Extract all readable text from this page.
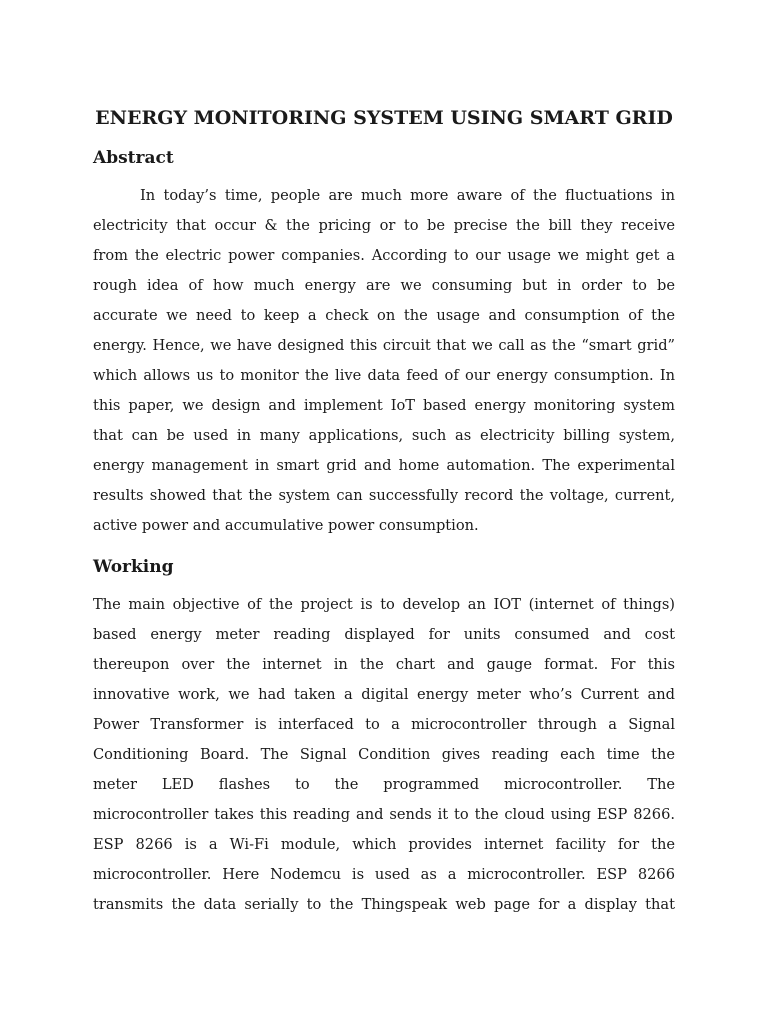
ENERGY MONITORING SYSTEM USING SMART GRID
Abstract
In today’s time, people are much more aware of the fluctuations in
electricity that occur & the pricing or to be precise the bill they receive
from the electric power companies. According to our usage we might get a
rough idea of how much energy are we consuming but in order to be
accurate we need to keep a check on the usage and consumption of the
energy. Hence, we have designed this circuit that we call as the “smart grid”
which allows us to monitor the live data feed of our energy consumption. In
this paper, we design and implement IoT based energy monitoring system
that can be used in many applications, such as electricity billing system,
energy management in smart grid and home automation. The experimental
results showed that the system can successfully record the voltage, current,
active power and accumulative power consumption.
Working
The main objective of the project is to develop an IOT (internet of things)
based energy meter reading displayed for units consumed and cost
thereupon over the internet in the chart and gauge format. For this
innovative work, we had taken a digital energy meter who’s Current and
Power Transformer is interfaced to a microcontroller through a Signal
Conditioning Board. The Signal Condition gives reading each time the
meter LED flashes to the programmed microcontroller. The
microcontroller takes this reading and sends it to the cloud using ESP 8266.
ESP 8266 is a Wi-Fi module, which provides internet facility for the
microcontroller. Here Nodemcu is used as a microcontroller. ESP 8266
transmits the data serially to the Thingspeak web page for a display that
